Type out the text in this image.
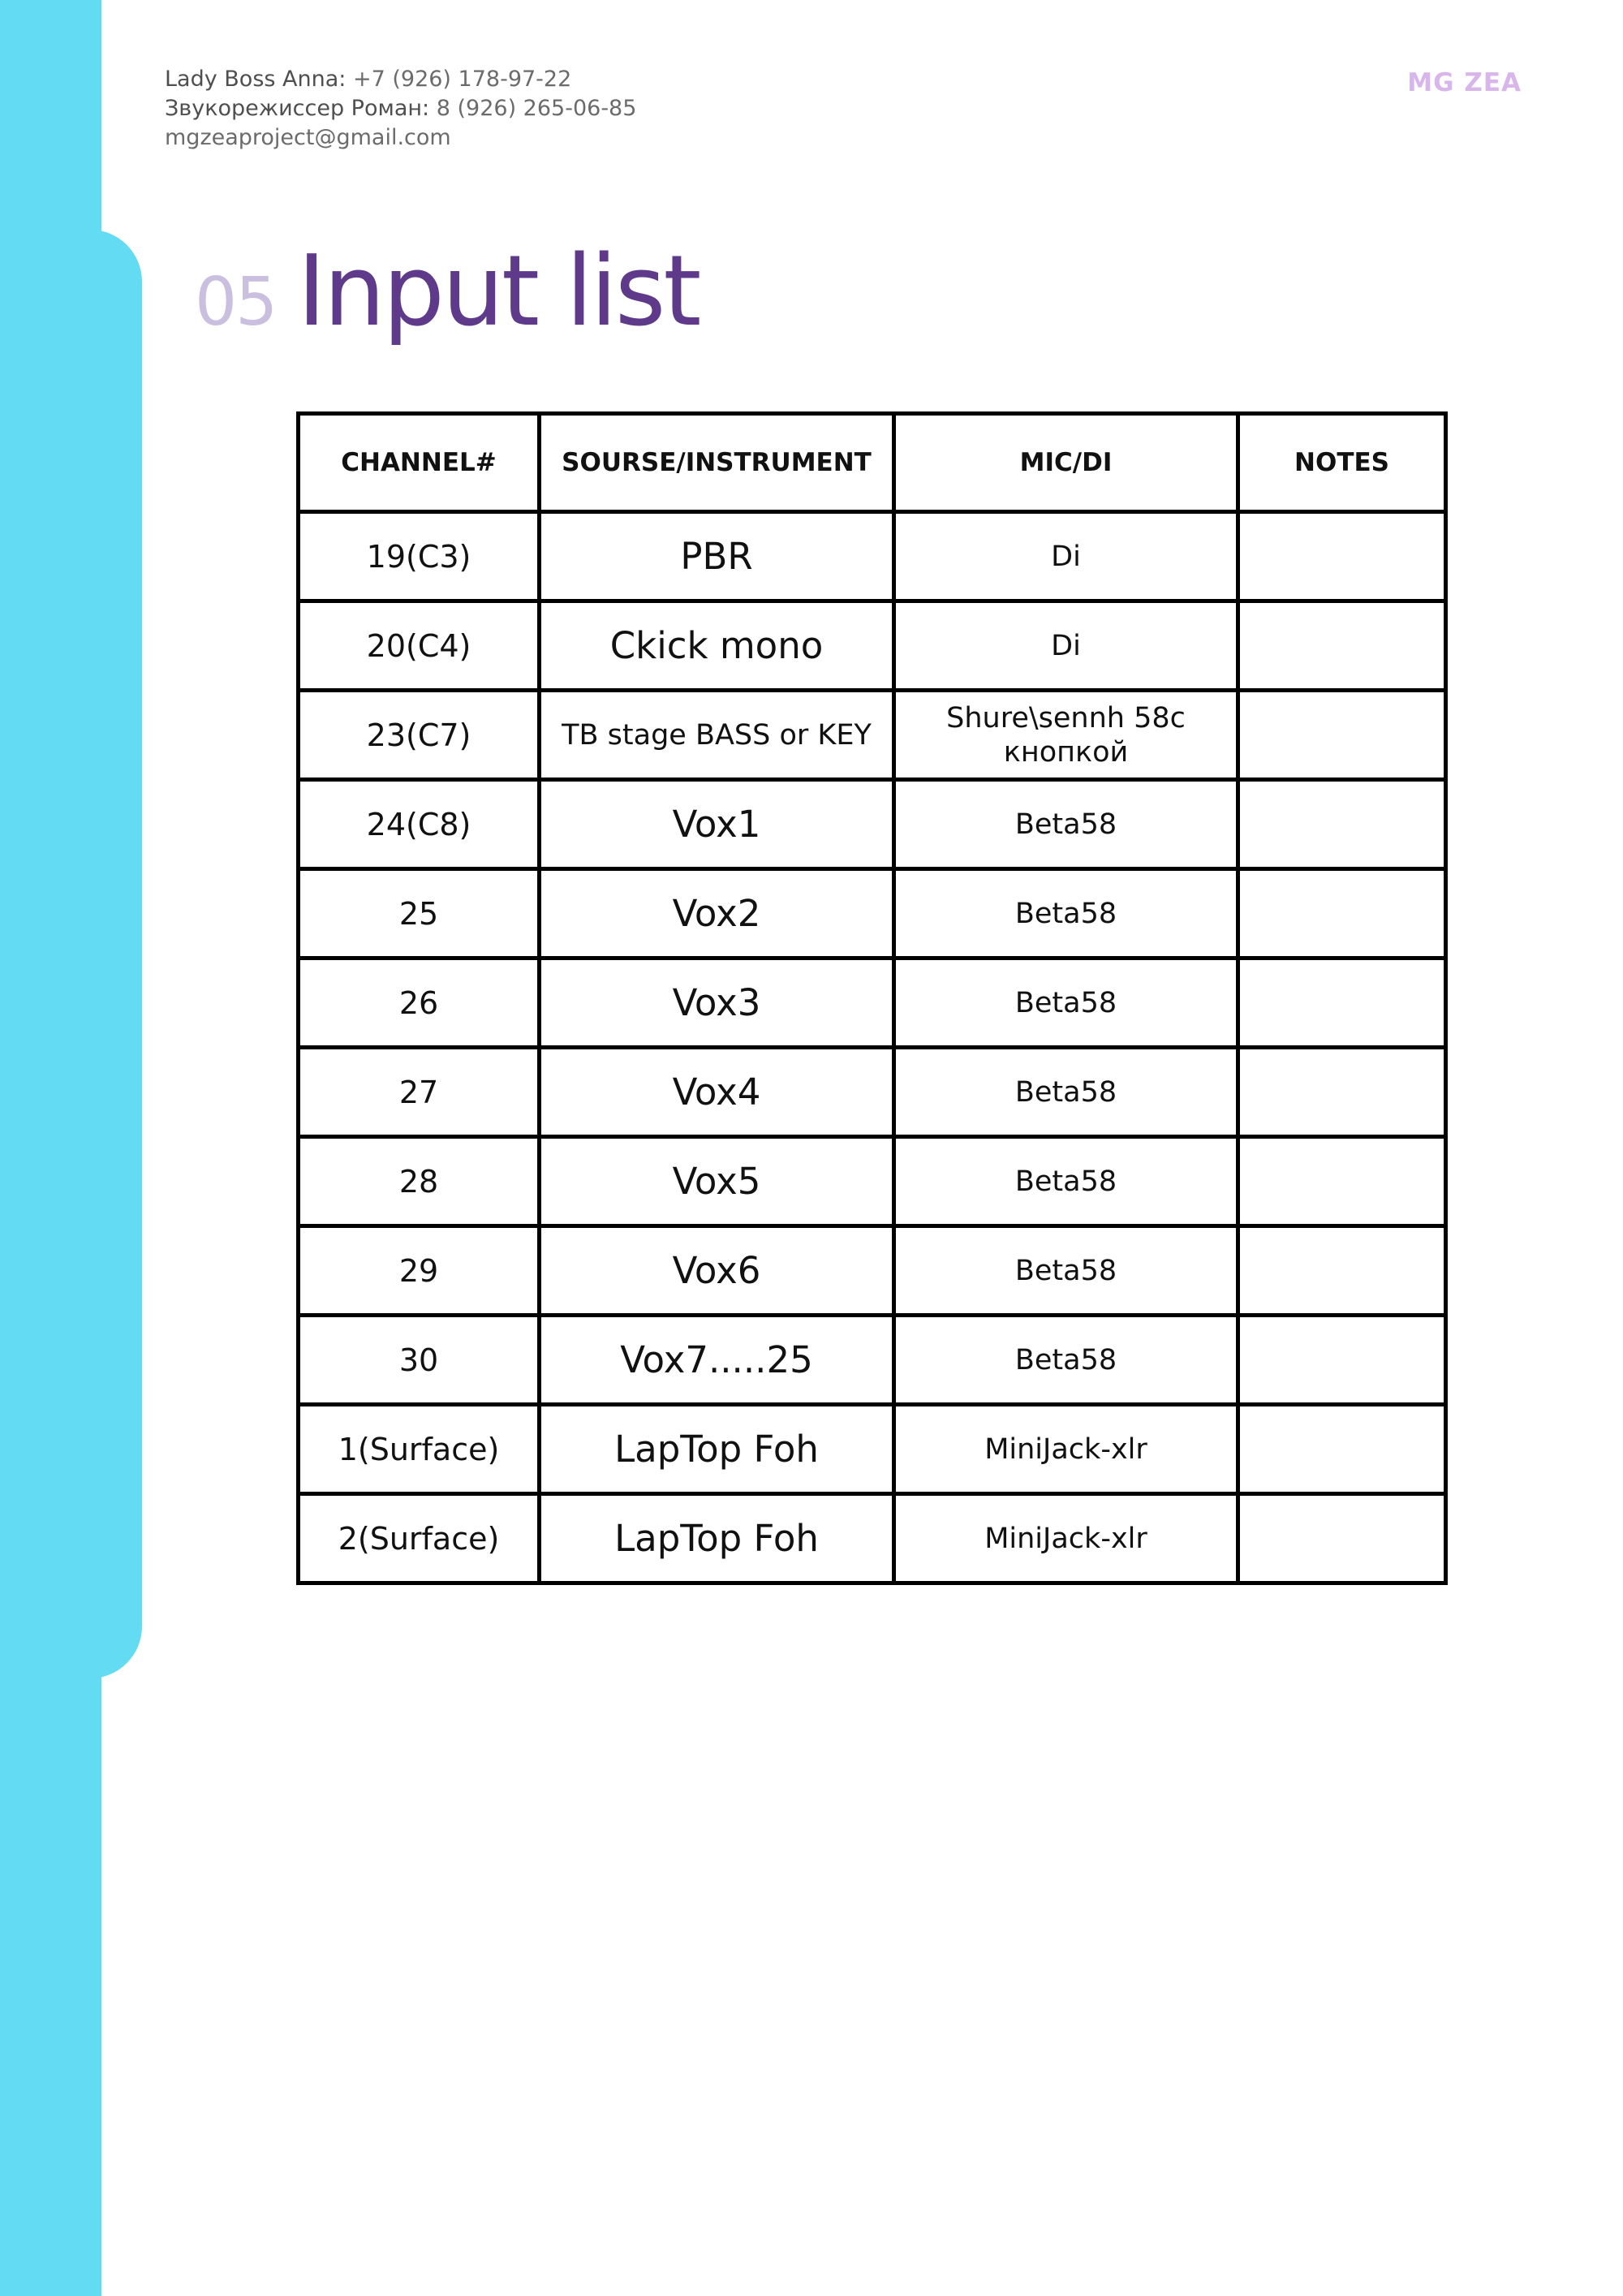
Lady Boss Anna: +7 (926) 178-97-22
Звукорежиссер Роман: 8 (926) 265-06-85
mgzeaproject@gmail.com
MG ZEA
05 Input list
CHANNEL#	SOURSE/INSTRUMENT	MIC/DI	NOTES
19(C3)	PBR	Di	
20(C4)	Ckick mono	Di	
23(C7)	TB stage BASS or KEY	Shure\sennh 58c кнопкой	
24(C8)	Vox1	Beta58	
25	Vox2	Beta58	
26	Vox3	Beta58	
27	Vox4	Beta58	
28	Vox5	Beta58	
29	Vox6	Beta58	
30	Vox7.....25	Beta58	
1(Surface)	LapTop Foh	MiniJack-xlr	
2(Surface)	LapTop Foh	MiniJack-xlr	
